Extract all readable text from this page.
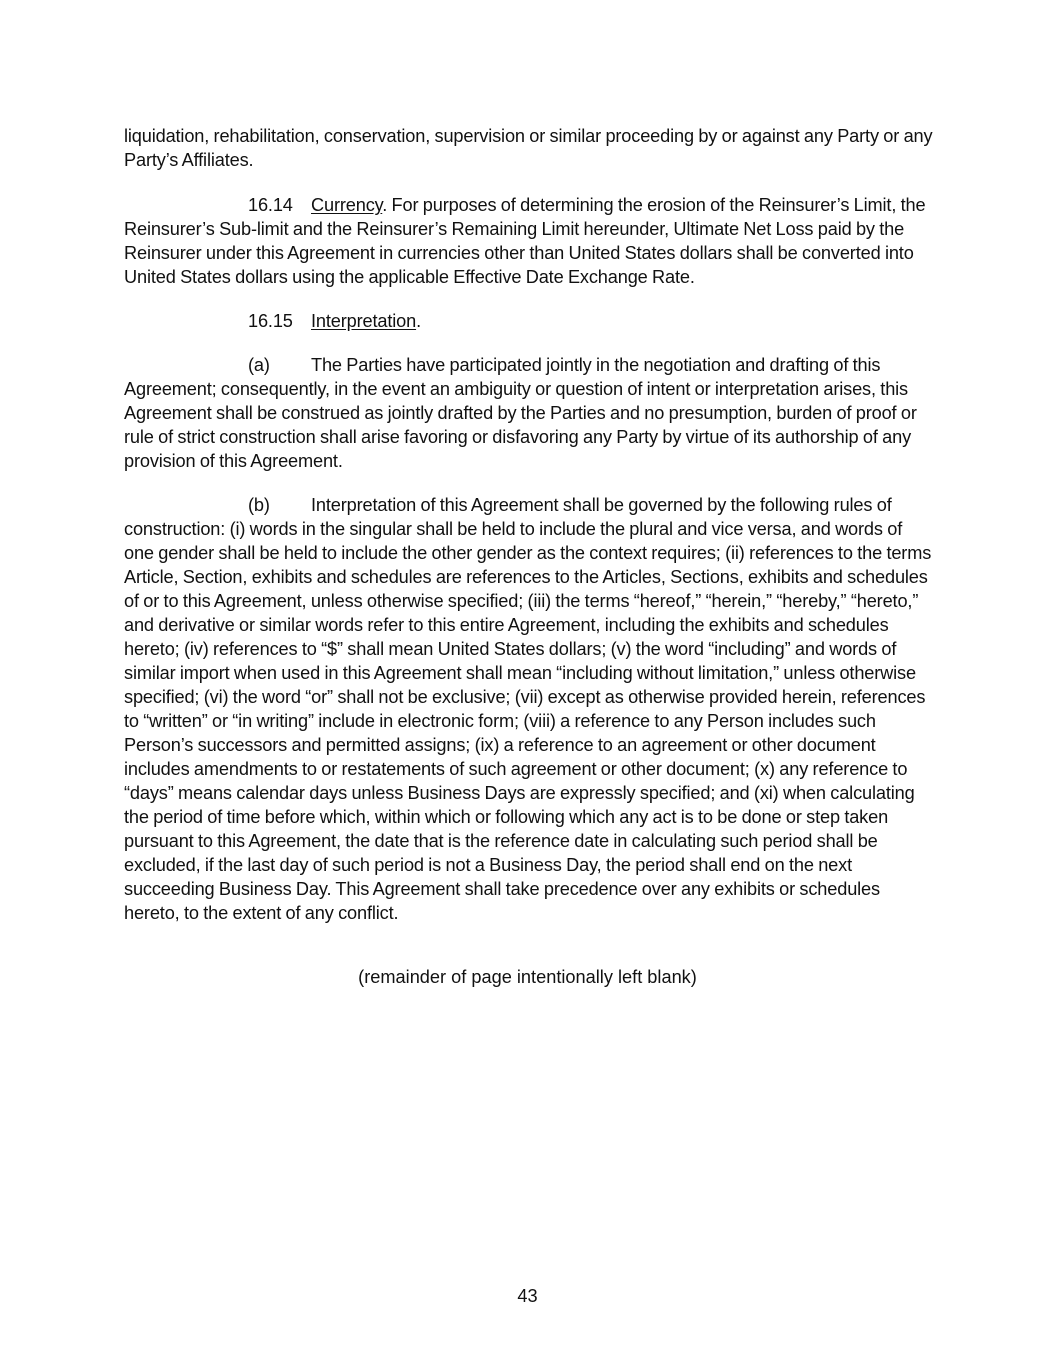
liquidation, rehabilitation, conservation, supervision or similar proceeding by or against any Party or any Party’s Affiliates.

16.14 Currency. For purposes of determining the erosion of the Reinsurer’s Limit, the Reinsurer’s Sub-limit and the Reinsurer’s Remaining Limit hereunder, Ultimate Net Loss paid by the Reinsurer under this Agreement in currencies other than United States dollars shall be converted into United States dollars using the applicable Effective Date Exchange Rate.

16.15 Interpretation.

(a) The Parties have participated jointly in the negotiation and drafting of this Agreement; consequently, in the event an ambiguity or question of intent or interpretation arises, this Agreement shall be construed as jointly drafted by the Parties and no presumption, burden of proof or rule of strict construction shall arise favoring or disfavoring any Party by virtue of its authorship of any provision of this Agreement.

(b) Interpretation of this Agreement shall be governed by the following rules of construction: (i) words in the singular shall be held to include the plural and vice versa, and words of one gender shall be held to include the other gender as the context requires; (ii) references to the terms Article, Section, exhibits and schedules are references to the Articles, Sections, exhibits and schedules of or to this Agreement, unless otherwise specified; (iii) the terms “hereof,” “herein,” “hereby,” “hereto,” and derivative or similar words refer to this entire Agreement, including the exhibits and schedules hereto; (iv) references to “$” shall mean United States dollars; (v) the word “including” and words of similar import when used in this Agreement shall mean “including without limitation,” unless otherwise specified; (vi) the word “or” shall not be exclusive; (vii) except as otherwise provided herein, references to “written” or “in writing” include in electronic form; (viii) a reference to any Person includes such Person’s successors and permitted assigns; (ix) a reference to an agreement or other document includes amendments to or restatements of such agreement or other document; (x) any reference to “days” means calendar days unless Business Days are expressly specified; and (xi) when calculating the period of time before which, within which or following which any act is to be done or step taken pursuant to this Agreement, the date that is the reference date in calculating such period shall be excluded, if the last day of such period is not a Business Day, the period shall end on the next succeeding Business Day. This Agreement shall take precedence over any exhibits or schedules hereto, to the extent of any conflict.

(remainder of page intentionally left blank)
43
